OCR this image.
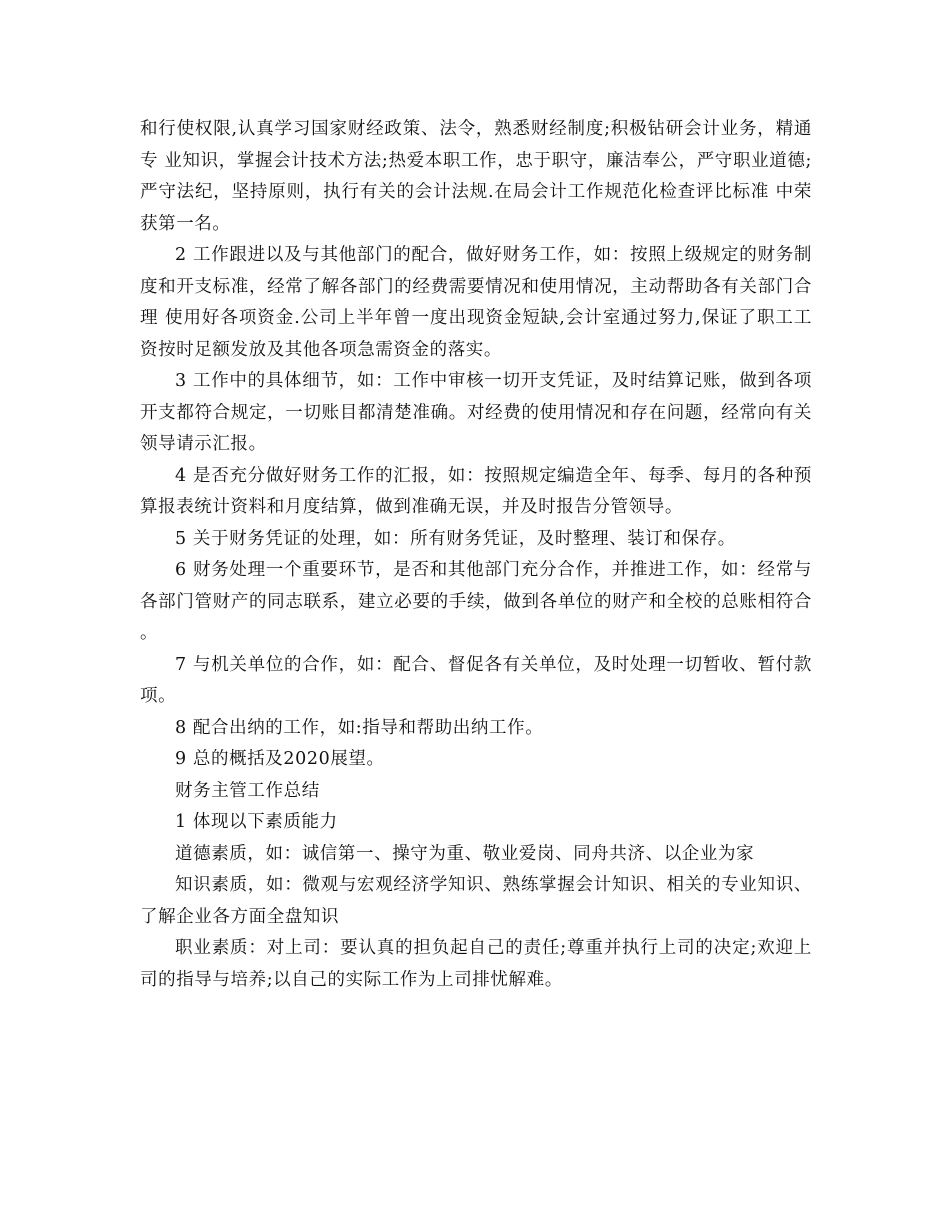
和行使权限,认真学习国家财经政策、法令，熟悉财经制度;积极钻研会计业务，精通专 业知识，掌握会计技术方法;热爱本职工作，忠于职守，廉洁奉公，严守职业道德;严守法纪，坚持原则，执行有关的会计法规.在局会计工作规范化检查评比标准 中荣获第一名。

2 工作跟进以及与其他部门的配合，做好财务工作，如：按照上级规定的财务制度和开支标准，经常了解各部门的经费需要情况和使用情况，主动帮助各有关部门合理 使用好各项资金.公司上半年曾一度出现资金短缺,会计室通过努力,保证了职工工资按时足额发放及其他各项急需资金的落实。

3 工作中的具体细节，如：工作中审核一切开支凭证，及时结算记账，做到各项开支都符合规定，一切账目都清楚准确。对经费的使用情况和存在问题，经常向有关领导请示汇报。

4 是否充分做好财务工作的汇报，如：按照规定编造全年、每季、每月的各种预算报表统计资料和月度结算，做到准确无误，并及时报告分管领导。

5 关于财务凭证的处理，如：所有财务凭证，及时整理、装订和保存。

6 财务处理一个重要环节，是否和其他部门充分合作，并推进工作，如：经常与各部门管财产的同志联系，建立必要的手续，做到各单位的财产和全校的总账相符合。

7 与机关单位的合作，如：配合、督促各有关单位，及时处理一切暂收、暂付款项。

8 配合出纳的工作，如:指导和帮助出纳工作。

9 总的概括及2020展望。

财务主管工作总结

1 体现以下素质能力

道德素质，如：诚信第一、操守为重、敬业爱岗、同舟共济、以企业为家

知识素质，如：微观与宏观经济学知识、熟练掌握会计知识、相关的专业知识、了解企业各方面全盘知识

职业素质：对上司：要认真的担负起自己的责任;尊重并执行上司的决定;欢迎上司的指导与培养;以自己的实际工作为上司排忧解难。
